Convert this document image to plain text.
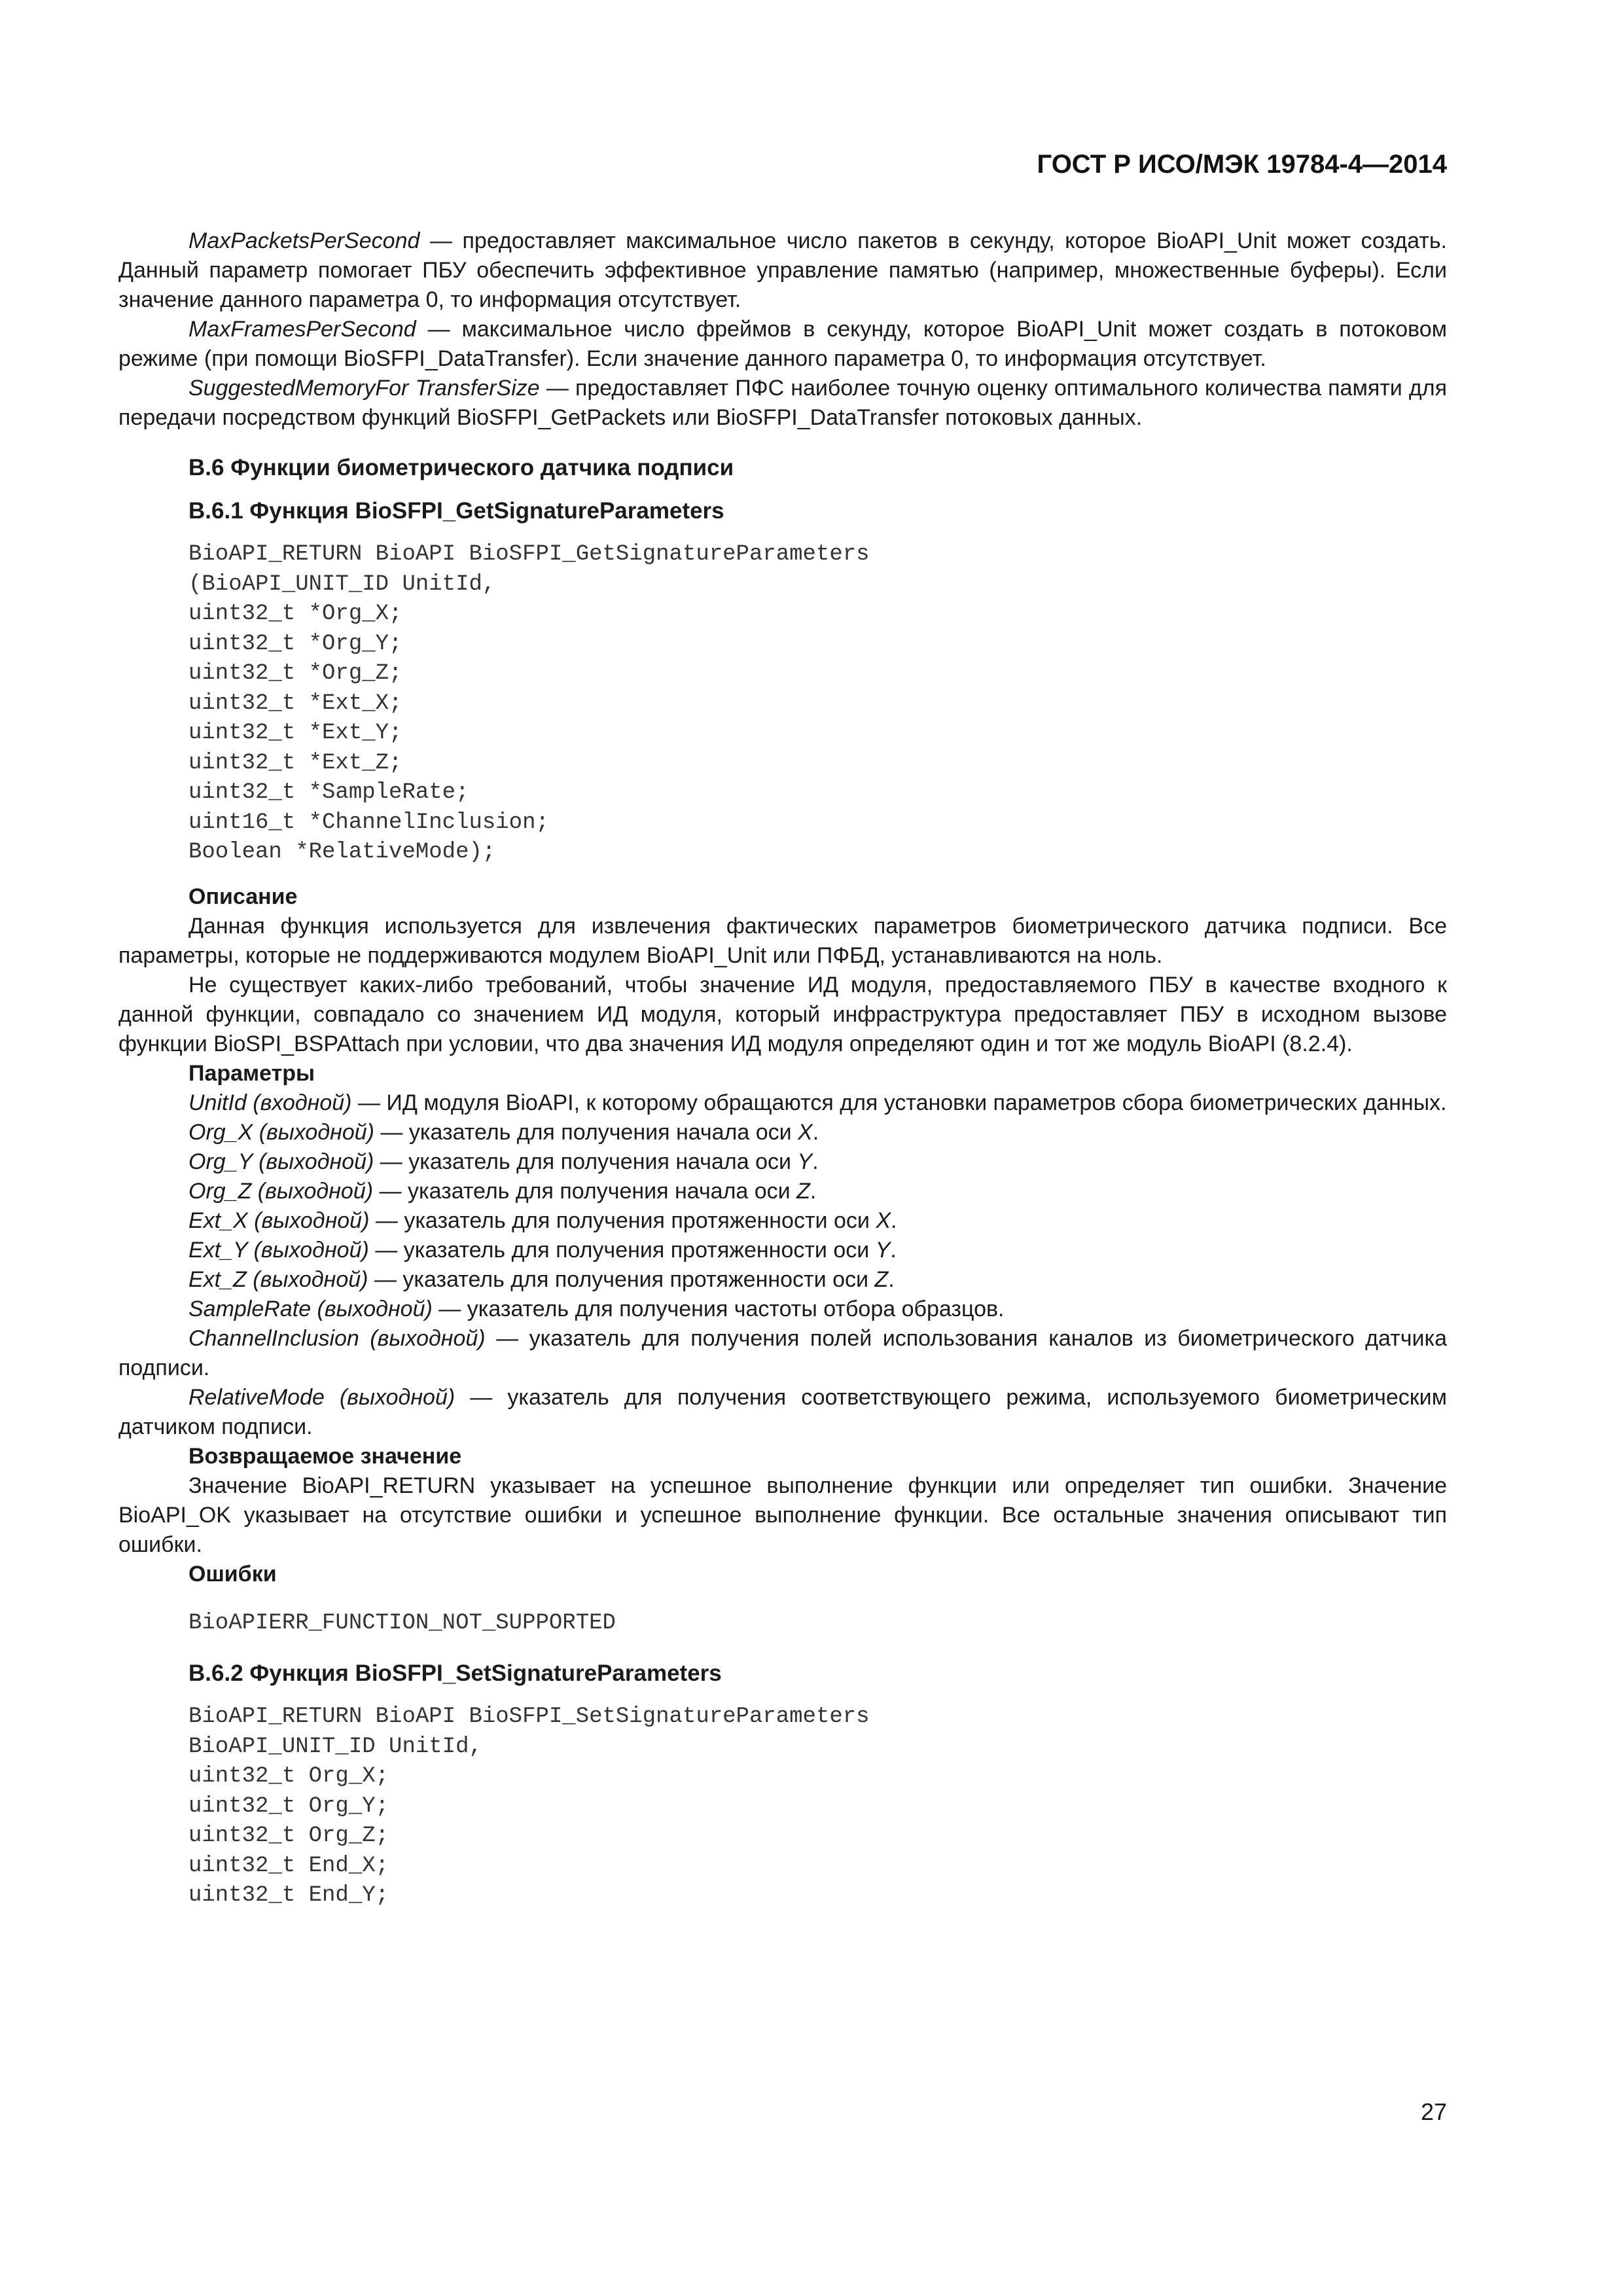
ГОСТ Р ИСО/МЭК 19784-4—2014

MaxPacketsPerSecond — предоставляет максимальное число пакетов в секунду, которое BioAPI_Unit может создать. Данный параметр помогает ПБУ обеспечить эффективное управление памятью (например, множественные буферы). Если значение данного параметра 0, то информация отсутствует.

MaxFramesPerSecond — максимальное число фреймов в секунду, которое BioAPI_Unit может создать в потоковом режиме (при помощи BioSFPI_DataTransfer). Если значение данного параметра 0, то информация отсутствует.

SuggestedMemoryFor TransferSize — предоставляет ПФС наиболее точную оценку оптимального количества памяти для передачи посредством функций BioSFPI_GetPackets или BioSFPI_DataTransfer потоковых данных.

B.6 Функции биометрического датчика подписи
B.6.1 Функция BioSFPI_GetSignatureParameters
BioAPI_RETURN BioAPI BioSFPI_GetSignatureParameters
(BioAPI_UNIT_ID UnitId,
uint32_t *Org_X;
uint32_t *Org_Y;
uint32_t *Org_Z;
uint32_t *Ext_X;
uint32_t *Ext_Y;
uint32_t *Ext_Z;
uint32_t *SampleRate;
uint16_t *ChannelInclusion;
Boolean *RelativeMode);
Описание

Данная функция используется для извлечения фактических параметров биометрического датчика подписи. Все параметры, которые не поддерживаются модулем BioAPI_Unit или ПФБД, устанавливаются на ноль.

Не существует каких-либо требований, чтобы значение ИД модуля, предоставляемого ПБУ в качестве входного к данной функции, совпадало со значением ИД модуля, который инфраструктура предоставляет ПБУ в исходном вызове функции BioSPI_BSPAttach при условии, что два значения ИД модуля определяют один и тот же модуль BioAPI (8.2.4).

Параметры

UnitId (входной) — ИД модуля BioAPI, к которому обращаются для установки параметров сбора биометрических данных.

Org_X (выходной) — указатель для получения начала оси X.

Org_Y (выходной) — указатель для получения начала оси Y.

Org_Z (выходной) — указатель для получения начала оси Z.

Ext_X (выходной) — указатель для получения протяженности оси X.

Ext_Y (выходной) — указатель для получения протяженности оси Y.

Ext_Z (выходной) — указатель для получения протяженности оси Z.

SampleRate (выходной) — указатель для получения частоты отбора образцов.

ChannelInclusion (выходной) — указатель для получения полей использования каналов из биометрического датчика подписи.

RelativeMode (выходной) — указатель для получения соответствующего режима, используемого биометрическим датчиком подписи.

Возвращаемое значение

Значение BioAPI_RETURN указывает на успешное выполнение функции или определяет тип ошибки. Значение BioAPI_OK указывает на отсутствие ошибки и успешное выполнение функции. Все остальные значения описывают тип ошибки.

Ошибки
BioAPIERR_FUNCTION_NOT_SUPPORTED
B.6.2 Функция BioSFPI_SetSignatureParameters
BioAPI_RETURN BioAPI BioSFPI_SetSignatureParameters
BioAPI_UNIT_ID UnitId,
uint32_t Org_X;
uint32_t Org_Y;
uint32_t Org_Z;
uint32_t End_X;
uint32_t End_Y;
27
